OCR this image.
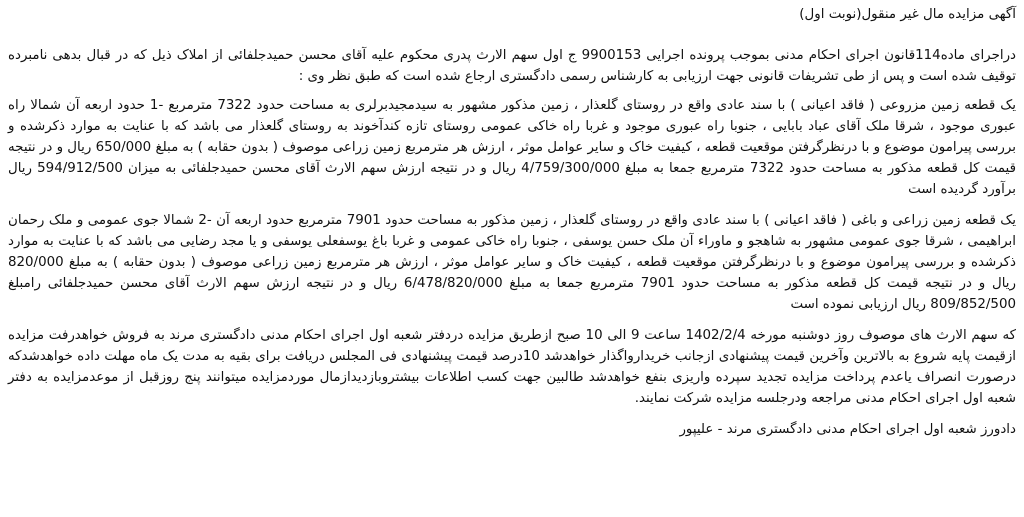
آگهی مزایده مال غیر منقول(نوبت اول)
دراجرای ماده114قانون اجرای احکام مدنی بموجب پرونده اجرایی 9900153 ج اول سهم الارث پدری محکوم علیه آقای محسن حمیدجلفائی از املاک ذیل که در قبال بدهی نامبرده توقیف شده است و پس از طی تشریفات قانونی جهت ارزیابی به کارشناس رسمی دادگستری ارجاع شده است که طبق نظر وی :
یک قطعه زمین مزروعی ( فاقد اعیانی ) با سند عادی واقع در روستای گلعذار ، زمین مذکور مشهور به سیدمجیدبرلری به مساحت حدود 7322 مترمربع -1 حدود اربعه آن شمالا راه عبوری موجود ، شرقا ملک آقای عباد بابایی ، جنوبا راه عبوری موجود و غربا راه خاکی عمومی روستای تازه کندآخوند به روستای گلعذار می باشد که با عنایت به موارد ذکرشده و بررسی پیرامون موضوع و با درنظرگرفتن موقعیت قطعه ، کیفیت خاک و سایر عوامل موثر ، ارزش هر مترمربع زمین زراعی موصوف ( بدون حقابه ) به مبلغ 650/000 ریال و در نتیجه قیمت کل قطعه مذکور به مساحت حدود 7322 مترمربع جمعا به مبلغ 4/759/300/000 ریال و در نتیجه ارزش سهم الارث آقای محسن حمیدجلفائی به میزان 594/912/500 ریال برآورد گردیده است
یک قطعه زمین زراعی و باغی ( فاقد اعیانی ) با سند عادی واقع در روستای گلعذار ، زمین مذکور به مساحت حدود 7901 مترمربع حدود اربعه آن -2 شمالا جوی عمومی و ملک رحمان ابراهیمی ، شرقا جوی عمومی مشهور به شاهجو و ماوراء آن ملک حسن یوسفی ، جنوبا راه خاکی عمومی و غربا باغ یوسفعلی یوسفی و یا مجد رضایی می باشد که با عنایت به موارد ذکرشده و بررسی پیرامون موضوع و با درنظرگرفتن موقعیت قطعه ، کیفیت خاک و سایر عوامل موثر ، ارزش هر مترمربع زمین زراعی موصوف ( بدون حقابه ) به مبلغ 820/000 ریال و در نتیجه قیمت کل قطعه مذکور به مساحت حدود 7901 مترمربع جمعا به مبلغ 6/478/820/000 ریال و در نتیجه ارزش سهم الارث آقای محسن حمیدجلفائی رامبلغ 809/852/500 ریال ارزیابی نموده است
که سهم الارث های موصوف روز دوشنبه مورخه 1402/2/4 ساعت 9 الی 10 صبح ازطریق مزایده دردفتر شعبه اول اجرای احکام مدنی دادگستری مرند به فروش خواهدرفت مزایده ازقیمت پایه شروع به بالاترین وآخرین قیمت پیشنهادی ازجانب خریدارواگذار خواهدشد 10درصد قیمت پیشنهادی فی المجلس دریافت برای بقیه به مدت یک ماه مهلت داده خواهدشدکه درصورت انصراف یاعدم پرداخت مزایده تجدید سپرده واریزی بنفع خواهدشد طالبین جهت کسب اطلاعات بیشتروبازدیدازمال موردمزایده میتوانند پنج روزقبل از موعدمزایده به دفتر شعبه اول اجرای احکام مدنی مراجعه ودرجلسه مزایده شرکت نمایند.
دادورز شعبه اول اجرای احکام مدنی دادگستری مرند - علیپور
